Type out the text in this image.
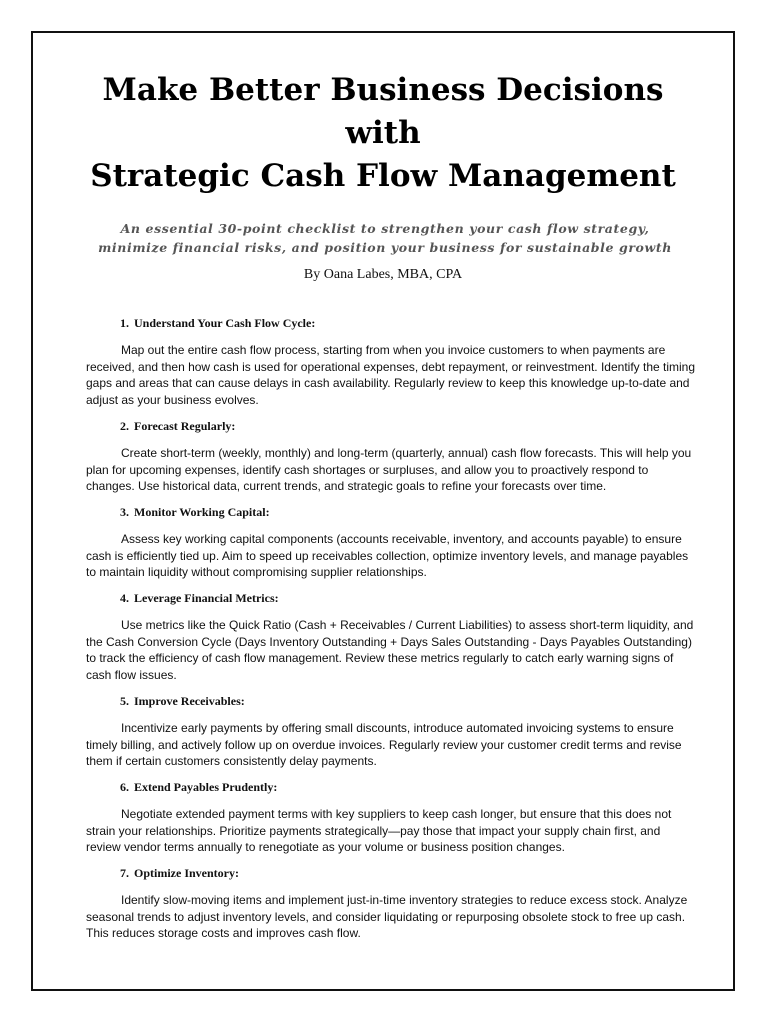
Make Better Business Decisions
with
Strategic Cash Flow Management
An essential 30-point checklist to strengthen your cash flow strategy,
minimize financial risks, and position your business for sustainable growth
By Oana Labes, MBA, CPA
1. Understand Your Cash Flow Cycle:

Map out the entire cash flow process, starting from when you invoice customers to when payments are received, and then how cash is used for operational expenses, debt repayment, or reinvestment. Identify the timing gaps and areas that can cause delays in cash availability. Regularly review to keep this knowledge up-to-date and adjust as your business evolves.

2. Forecast Regularly:

Create short-term (weekly, monthly) and long-term (quarterly, annual) cash flow forecasts. This will help you plan for upcoming expenses, identify cash shortages or surpluses, and allow you to proactively respond to changes. Use historical data, current trends, and strategic goals to refine your forecasts over time.

3. Monitor Working Capital:

Assess key working capital components (accounts receivable, inventory, and accounts payable) to ensure cash is efficiently tied up. Aim to speed up receivables collection, optimize inventory levels, and manage payables to maintain liquidity without compromising supplier relationships.

4. Leverage Financial Metrics:

Use metrics like the Quick Ratio (Cash + Receivables / Current Liabilities) to assess short-term liquidity, and the Cash Conversion Cycle (Days Inventory Outstanding + Days Sales Outstanding - Days Payables Outstanding) to track the efficiency of cash flow management. Review these metrics regularly to catch early warning signs of cash flow issues.

5. Improve Receivables:

Incentivize early payments by offering small discounts, introduce automated invoicing systems to ensure timely billing, and actively follow up on overdue invoices. Regularly review your customer credit terms and revise them if certain customers consistently delay payments.

6. Extend Payables Prudently:

Negotiate extended payment terms with key suppliers to keep cash longer, but ensure that this does not strain your relationships. Prioritize payments strategically—pay those that impact your supply chain first, and review vendor terms annually to renegotiate as your volume or business position changes.

7. Optimize Inventory:

Identify slow-moving items and implement just-in-time inventory strategies to reduce excess stock. Analyze seasonal trends to adjust inventory levels, and consider liquidating or repurposing obsolete stock to free up cash. This reduces storage costs and improves cash flow.
